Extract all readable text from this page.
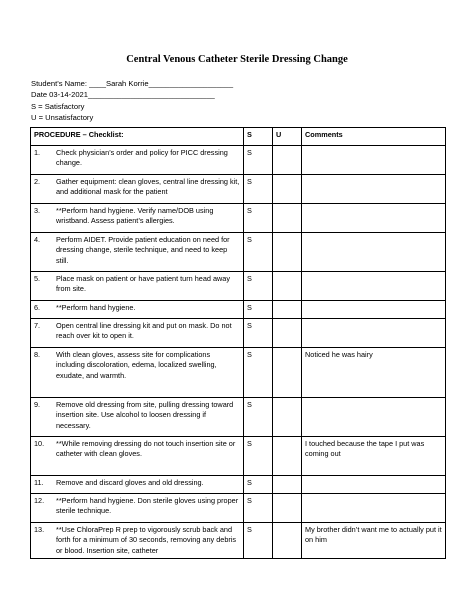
Central Venous Catheter Sterile Dressing Change
Student’s Name: ____Sarah Korrie____________________
Date 03-14-2021______________________________
S = Satisfactory
U = Unsatisfactory
PROCEDURE – Checklist:	S	U	Comments

1. Check physician’s order and policy for PICC dressing change.	S		

2. Gather equipment: clean gloves, central line dressing kit, and additional mask for the patient	S		

3. **Perform hand hygiene. Verify name/DOB using wristband. Assess patient’s allergies.	S		

4. Perform AIDET. Provide patient education on need for dressing change, sterile technique, and need to keep still.	S		

5. Place mask on patient or have patient turn head away from site.	S		

6. **Perform hand hygiene.	S		

7. Open central line dressing kit and put on mask. Do not reach over kit to open it.	S		

8. With clean gloves, assess site for complications including discoloration, edema, localized swelling, exudate, and warmth.	S		Noticed he was hairy

9. Remove old dressing from site, pulling dressing toward insertion site. Use alcohol to loosen dressing if necessary.	S		

10. **While removing dressing do not touch insertion site or catheter with clean gloves.	S		I touched because the tape I put was coming out

11. Remove and discard gloves and old dressing.	S		

12. **Perform hand hygiene. Don sterile gloves using proper sterile technique.	S		

13. **Use ChloraPrep R prep to vigorously scrub back and forth for a minimum of 30 seconds, removing any debris or blood. Insertion site, catheter	S		My brother didn’t want me to actually put it on him
